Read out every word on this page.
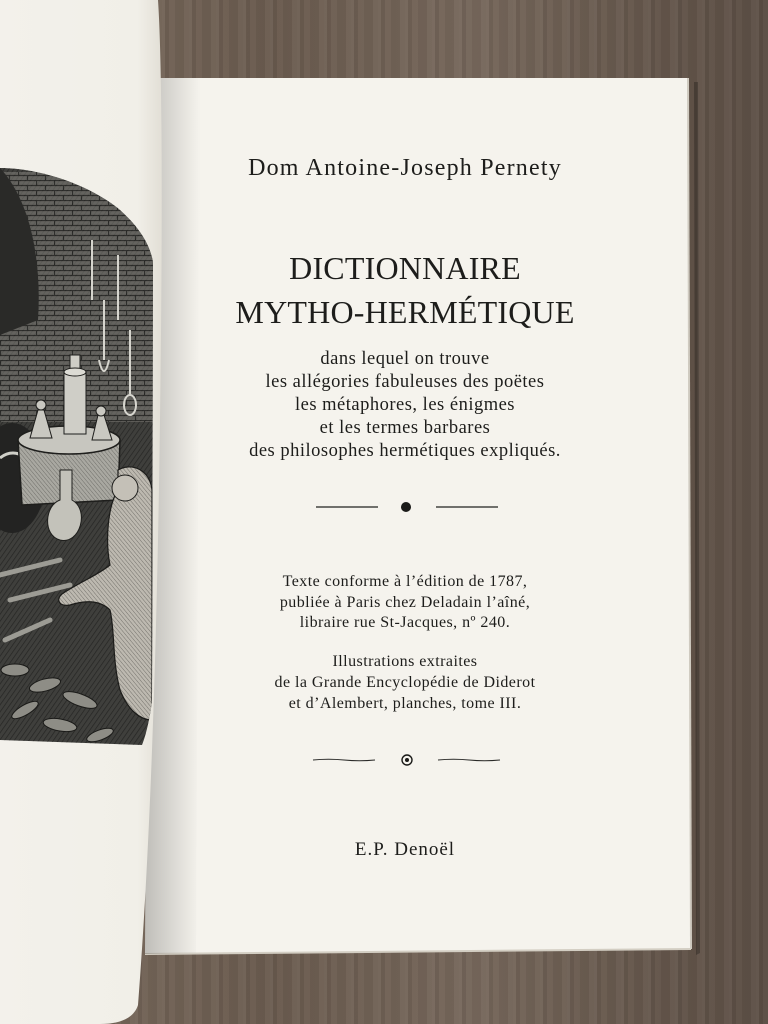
Dom Antoine-Joseph Pernety
DICTIONNAIRE
MYTHO-HERMÉTIQUE
dans lequel on trouve
les allégories fabuleuses des poëtes
les métaphores, les énigmes
et les termes barbares
des philosophes hermétiques expliqués.
Texte conforme à l’édition de 1787,
publiée à Paris chez Deladain l’aîné,
libraire rue St-Jacques, nº 240.
Illustrations extraites
de la Grande Encyclopédie de Diderot
et d’Alembert, planches, tome III.
E.P. Denoël
